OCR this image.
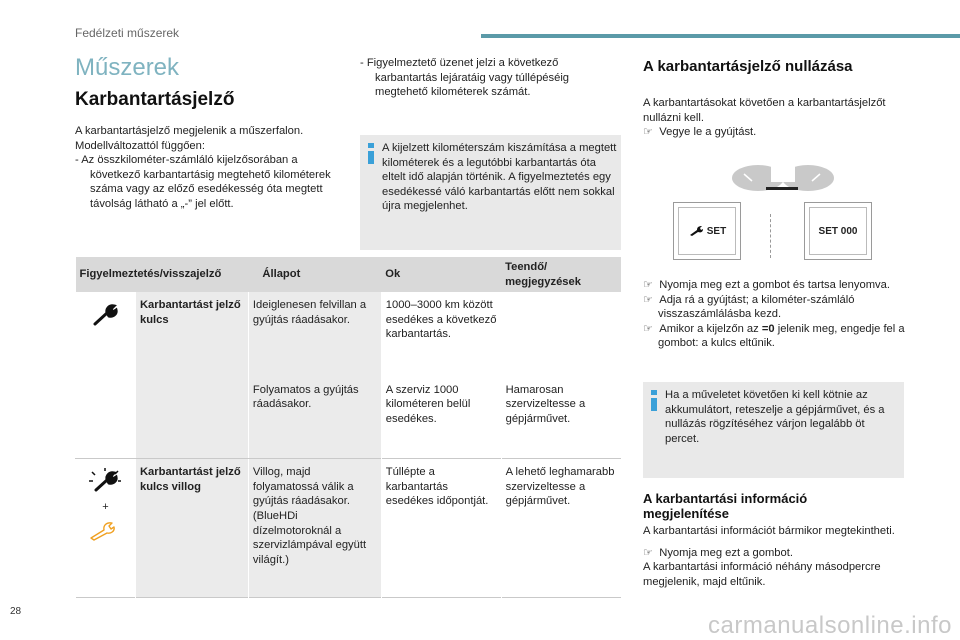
Fedélzeti műszerek
Műszerek
Karbantartásjelző
A karbantartásjelző megjelenik a műszerfalon.
Modellváltozattól függően:
- Az összkilométer-számláló kijelzősorában a következő karbantartásig megtehető kilométerek száma vagy az előző esedékesség óta megtett távolság látható a „-” jel előtt.
- Figyelmeztető üzenet jelzi a következő karbantartás lejáratáig vagy túllépéséig megtehető kilométerek számát.
A kijelzett kilométerszám kiszámítása a megtett kilométerek és a legutóbbi karbantartás óta eltelt idő alapján történik. A figyelmeztetés egy esedékessé váló karbantartás előtt nem sokkal újra megjelenhet.
Figyelmeztetés/visszajelző		Állapot	Ok	Teendő/ megjegyzések
	Karbantartást jelző kulcs	Ideiglenesen felvillan a gyújtás ráadásakor.	1000–3000 km között esedékes a következő karbantartás.	
		Folyamatos a gyújtás ráadásakor.	A szerviz 1000 kilométeren belül esedékes.	Hamarosan szervizeltesse a gépjárművet.

+	Karbantartást jelző kulcs villog	Villog, majd folyamatossá válik a gyújtás ráadásakor. (BlueHDi dízelmotoroknál a szervizlámpával együtt világít.)	Túllépte a karbantartás esedékes időpontját.	A lehető leghamarabb szervizeltesse a gépjárművet.
A karbantartásjelző nullázása
A karbantartásokat követően a karbantartásjelzőt nullázni kell.
☞  Vegye le a gyújtást.
SET	SET 000
☞  Nyomja meg ezt a gombot és tartsa lenyomva.
☞  Adja rá a gyújtást; a kilométer-számláló visszaszámlálásba kezd.
☞  Amikor a kijelzőn az =0 jelenik meg, engedje fel a gombot: a kulcs eltűnik.
Ha a műveletet követően ki kell kötnie az akkumulátort, reteszelje a gépjárművet, és a nullázás rögzítéséhez várjon legalább öt percet.
A karbantartási információ megjelenítése
A karbantartási információt bármikor megtekintheti.
☞  Nyomja meg ezt a gombot.
A karbantartási információ néhány másodpercre megjelenik, majd eltűnik.
28
carmanualsonline.info
